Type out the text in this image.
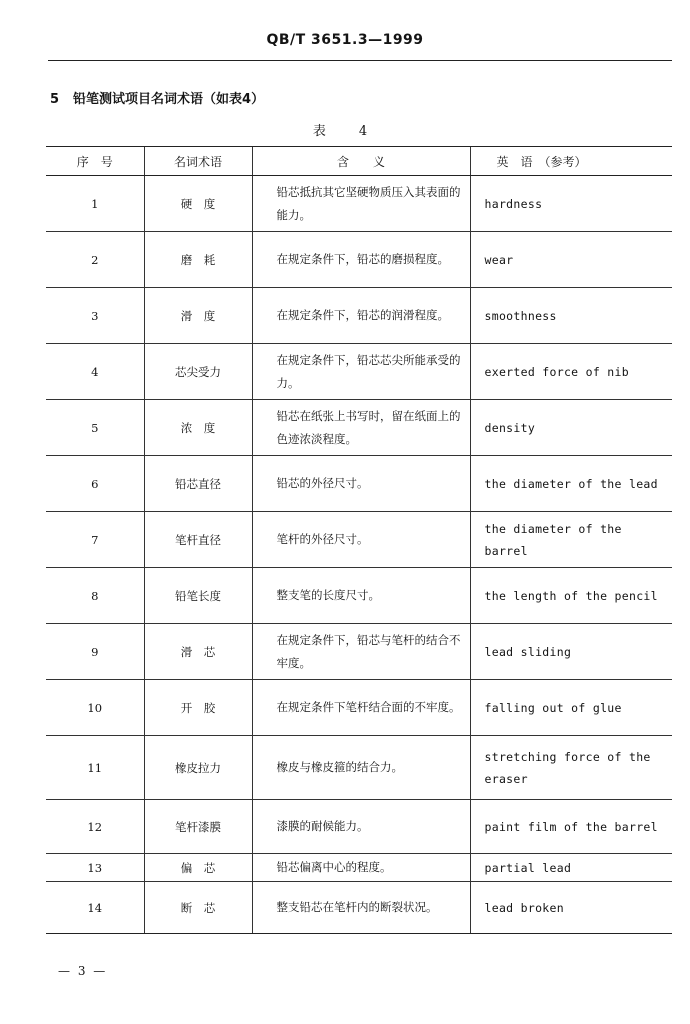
QB/T 3651.3—1999
5 铅笔测试项目名词术语（如表4）
表　4
序　号	名词术语	含　　义	英　语　（参考）
1	硬　度	铅芯抵抗其它坚硬物质压入其表面的能力。	hardness
2	磨　耗	在规定条件下，铅芯的磨损程度。	wear
3	滑　度	在规定条件下，铅芯的润滑程度。	smoothness
4	芯尖受力	在规定条件下，铅芯芯尖所能承受的力。	exerted force of nib
5	浓　度	铅芯在纸张上书写时，留在纸面上的色迹浓淡程度。	density
6	铅芯直径	铅芯的外径尺寸。	the diameter of the lead
7	笔杆直径	笔杆的外径尺寸。	the diameter of the barrel
8	铅笔长度	整支笔的长度尺寸。	the length of the pencil
9	滑　芯	在规定条件下，铅芯与笔杆的结合不牢度。	lead sliding
10	开　胶	在规定条件下笔杆结合面的不牢度。	falling out of glue
11	橡皮拉力	橡皮与橡皮箍的结合力。	stretching force of the eraser
12	笔杆漆膜	漆膜的耐候能力。	paint film of the barrel
13	偏　芯	铅芯偏离中心的程度。	partial lead
14	断　芯	整支铅芯在笔杆内的断裂状况。	lead broken
— 3 —
